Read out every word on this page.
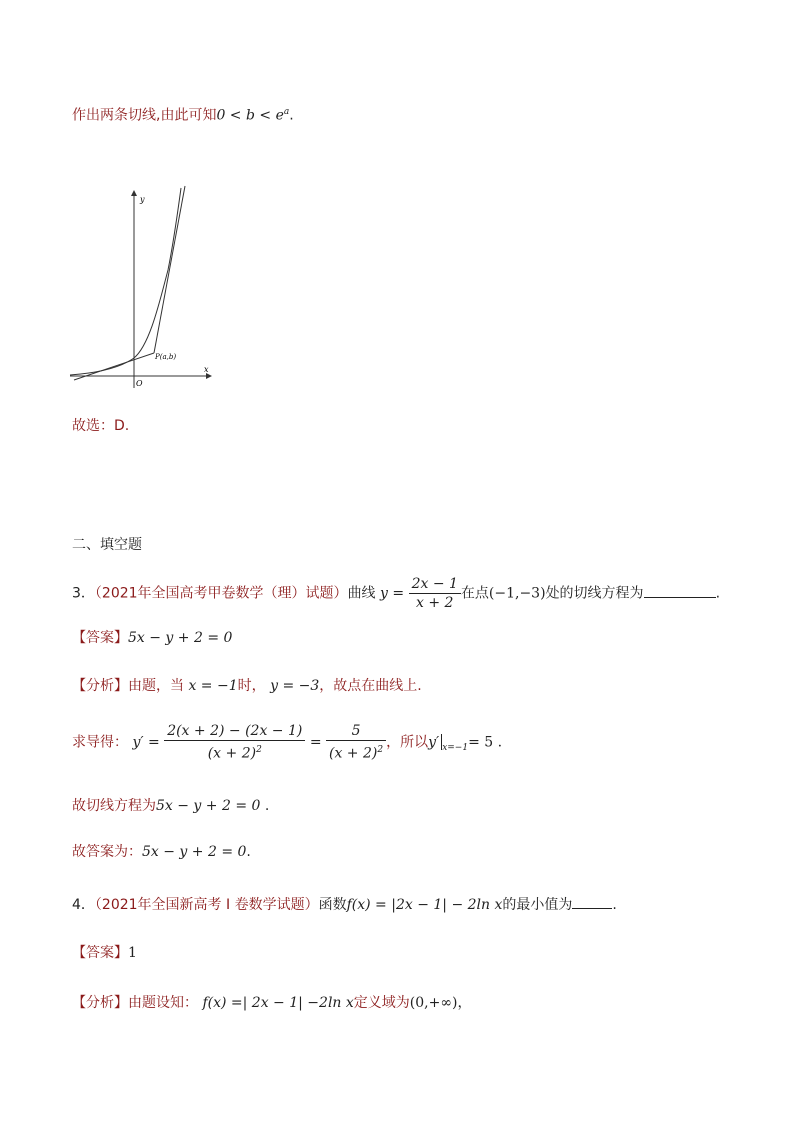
作出两条切线,由此可知$0 < b < e^a$.
y
x
O
P(a,b)
故选：D.
二、填空题
3．（2021年全国高考甲卷数学（理）试题）曲线 $y = \frac{2x - 1}{x + 2}$ 在点(−1,−3)处的切线方程为	.
【答案】5x − y + 2 = 0
【分析】由题，当 x = −1时， y = −3，故点在曲线上.
求导得： $y' = \frac{2(x + 2) - (2x - 1)}{(x + 2)^2} = \frac{5}{(x + 2)^2}$ ，所以y′ $_{x=-1}$= 5 .
故切线方程为5x − y + 2 = 0 .
故答案为：5x − y + 2 = 0.
4．（2021年全国新高考 I 卷数学试题）函数f(x) = |2x − 1| − 2ln x的最小值为	.
【答案】1
【分析】由题设知： f(x) =| 2x − 1| −2ln x定义域为(0,+∞)，
